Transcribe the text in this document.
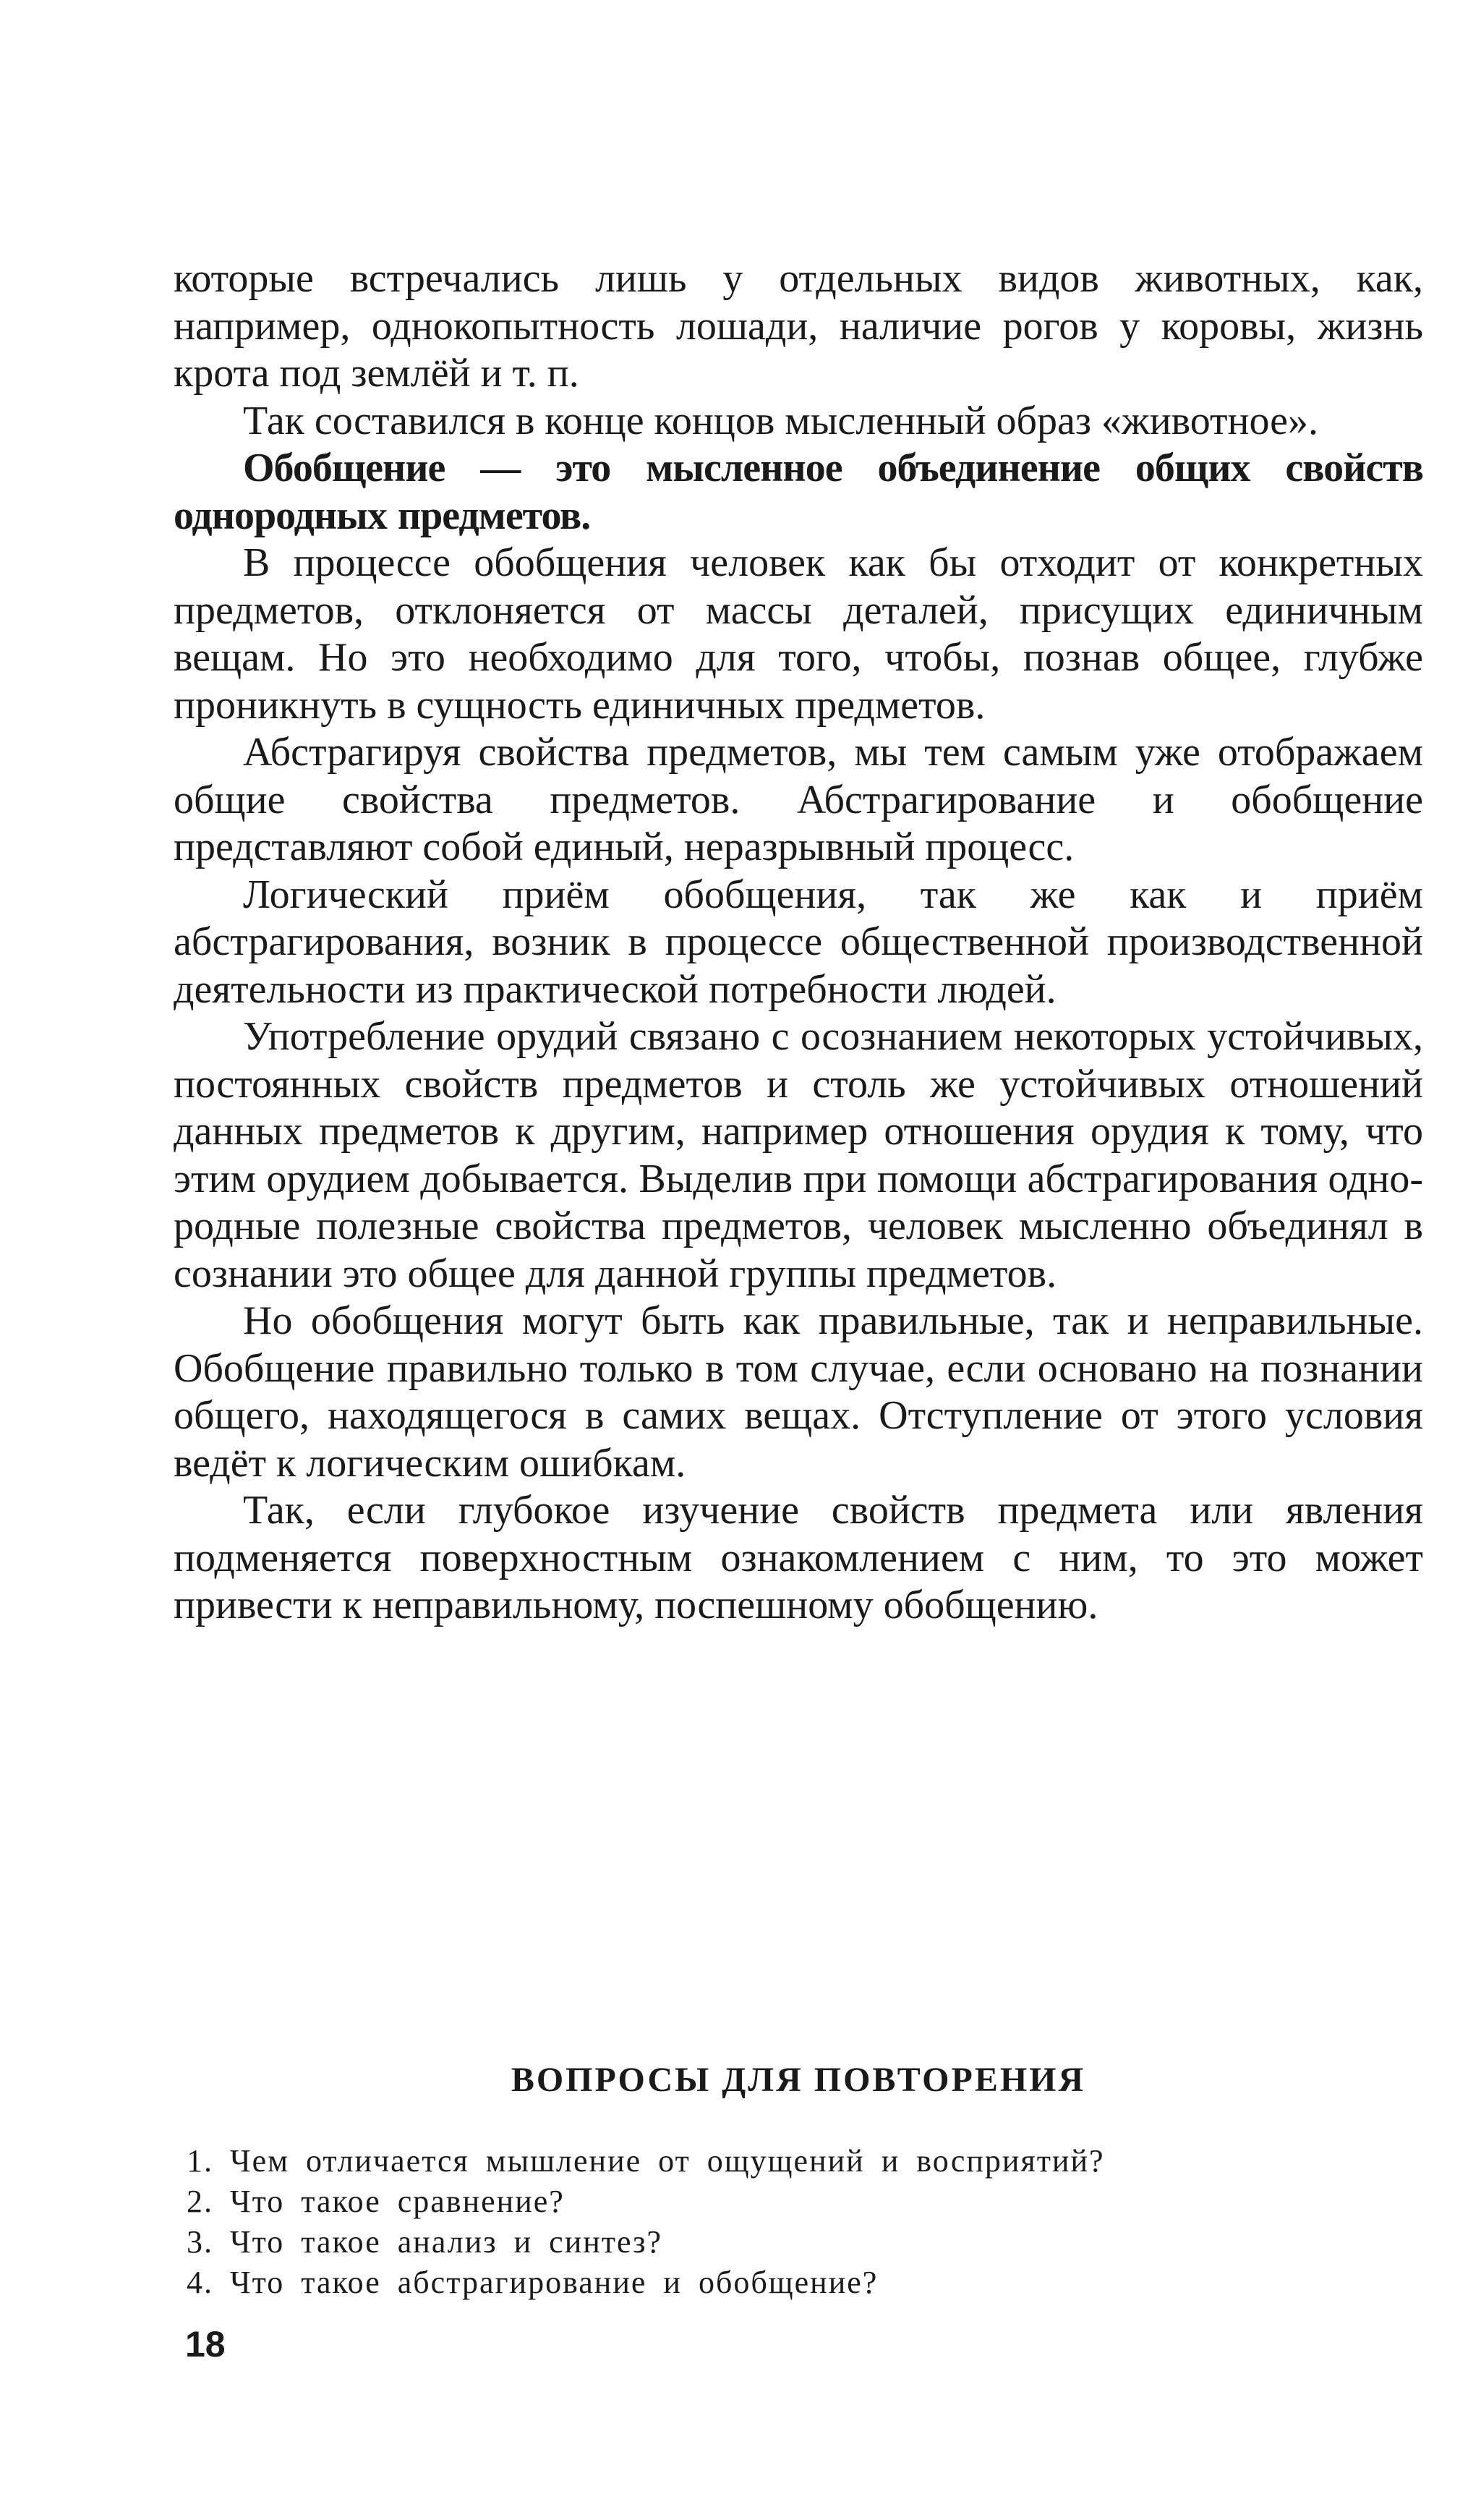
которые встречались лишь у отдельных видов животных, как, например, однокопытность лошади, наличие рогов у коровы, жизнь крота под землёй и т. п.

Так составился в конце концов мысленный образ «животное».

Обобщение — это мысленное объединение общих свойств однородных предметов.

В процессе обобщения человек как бы отходит от конкретных предметов, отклоняется от массы деталей, присущих единичным вещам. Но это необходимо для того, чтобы, познав общее, глубже проникнуть в сущность единичных предметов.

Абстрагируя свойства предметов, мы тем самым уже отображаем общие свойства предметов. Абстрагирование и обобщение представляют собой единый, неразрывный процесс.

Логический приём обобщения, так же как и приём абстрагирования, возник в процессе общественной производственной деятельности из практической потребности людей.

Употребление орудий связано с осознанием некоторых устойчивых, постоянных свойств предметов и столь же устойчивых отношений данных предметов к другим, например отношения орудия к тому, что этим орудием добывается. Выделив при помощи абстрагирования однородные полезные свойства предметов, человек мысленно объединял в сознании это общее для данной группы предметов.

Но обобщения могут быть как правильные, так и неправильные. Обобщение правильно только в том случае, если основано на познании общего, находящегося в самих вещах. Отступление от этого условия ведёт к логическим ошибкам.

Так, если глубокое изучение свойств предмета или явления подменяется поверхностным ознакомлением с ним, то это может привести к неправильному, поспешному обобщению.

ВОПРОСЫ ДЛЯ ПОВТОРЕНИЯ
1. Чем отличается мышление от ощущений и восприятий?
2. Что такое сравнение?
3. Что такое анализ и синтез?
4. Что такое абстрагирование и обобщение?
18
